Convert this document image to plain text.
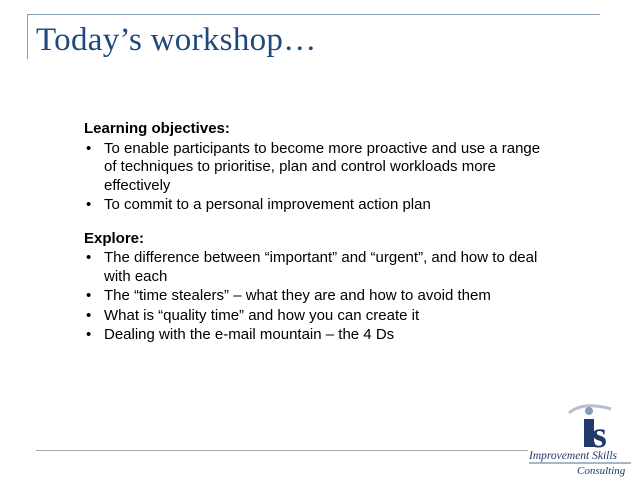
Today’s workshop…

Learning objectives:

• To enable participants to become more proactive and use a range of techniques to prioritise, plan and control workloads more effectively
• To commit to a personal improvement action plan

Explore:

• The difference between “important” and “urgent”, and how to deal with each
• The “time stealers” – what they are and how to avoid them
• What is “quality time” and how you can create it
• Dealing with the e-mail mountain – the 4 Ds
s
Improvement Skills
Consulting
